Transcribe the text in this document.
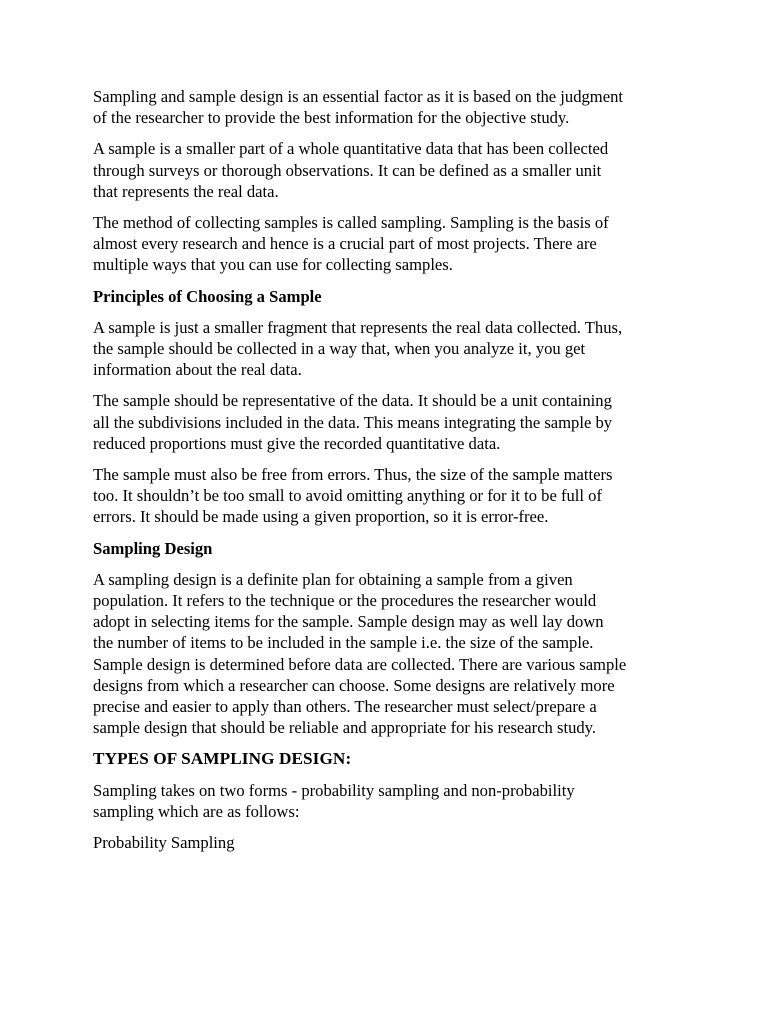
Sampling and sample design is an essential factor as it is based on the judgment
of the researcher to provide the best information for the objective study.

A sample is a smaller part of a whole quantitative data that has been collected
through surveys or thorough observations. It can be defined as a smaller unit
that represents the real data.

The method of collecting samples is called sampling. Sampling is the basis of
almost every research and hence is a crucial part of most projects. There are
multiple ways that you can use for collecting samples.

Principles of Choosing a Sample

A sample is just a smaller fragment that represents the real data collected. Thus,
the sample should be collected in a way that, when you analyze it, you get
information about the real data.

The sample should be representative of the data. It should be a unit containing
all the subdivisions included in the data. This means integrating the sample by
reduced proportions must give the recorded quantitative data.

The sample must also be free from errors. Thus, the size of the sample matters
too. It shouldn’t be too small to avoid omitting anything or for it to be full of
errors. It should be made using a given proportion, so it is error-free.

Sampling Design

A sampling design is a definite plan for obtaining a sample from a given
population. It refers to the technique or the procedures the researcher would
adopt in selecting items for the sample. Sample design may as well lay down
the number of items to be included in the sample i.e. the size of the sample.
Sample design is determined before data are collected. There are various sample
designs from which a researcher can choose. Some designs are relatively more
precise and easier to apply than others. The researcher must select/prepare a
sample design that should be reliable and appropriate for his research study.

TYPES OF SAMPLING DESIGN:

Sampling takes on two forms - probability sampling and non-probability
sampling which are as follows:

Probability Sampling
